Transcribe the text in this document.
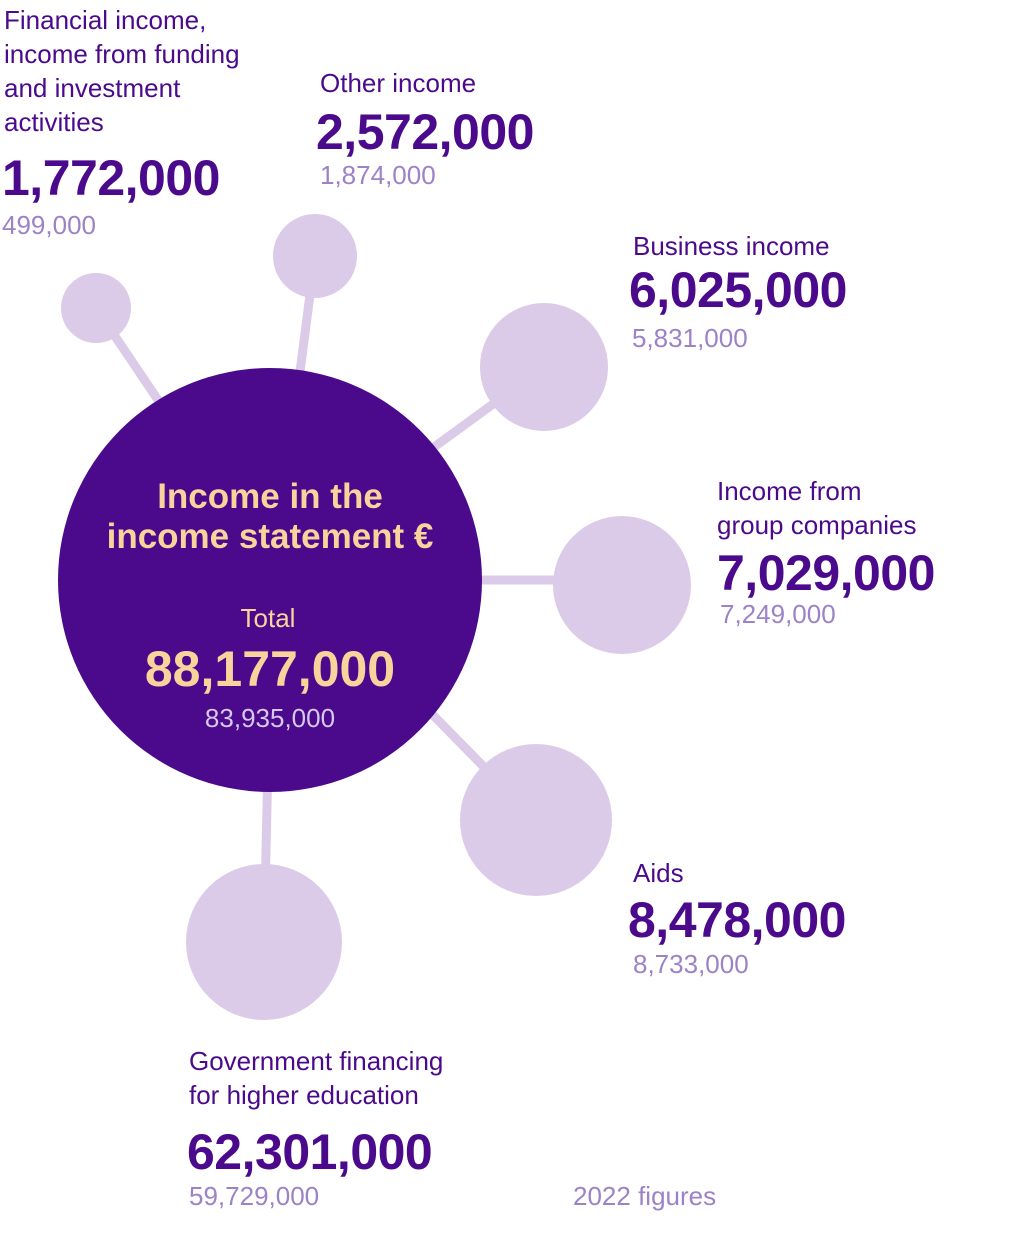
Income in the
income statement €
Total
88,177,000
83,935,000
Financial income,
income from funding
and investment
activities
1,772,000
499,000
Other income
2,572,000
1,874,000
Business income
6,025,000
5,831,000
Income from
group companies
7,029,000
7,249,000
Aids
8,478,000
8,733,000
Government financing
for higher education
62,301,000
59,729,000	2022 figures
